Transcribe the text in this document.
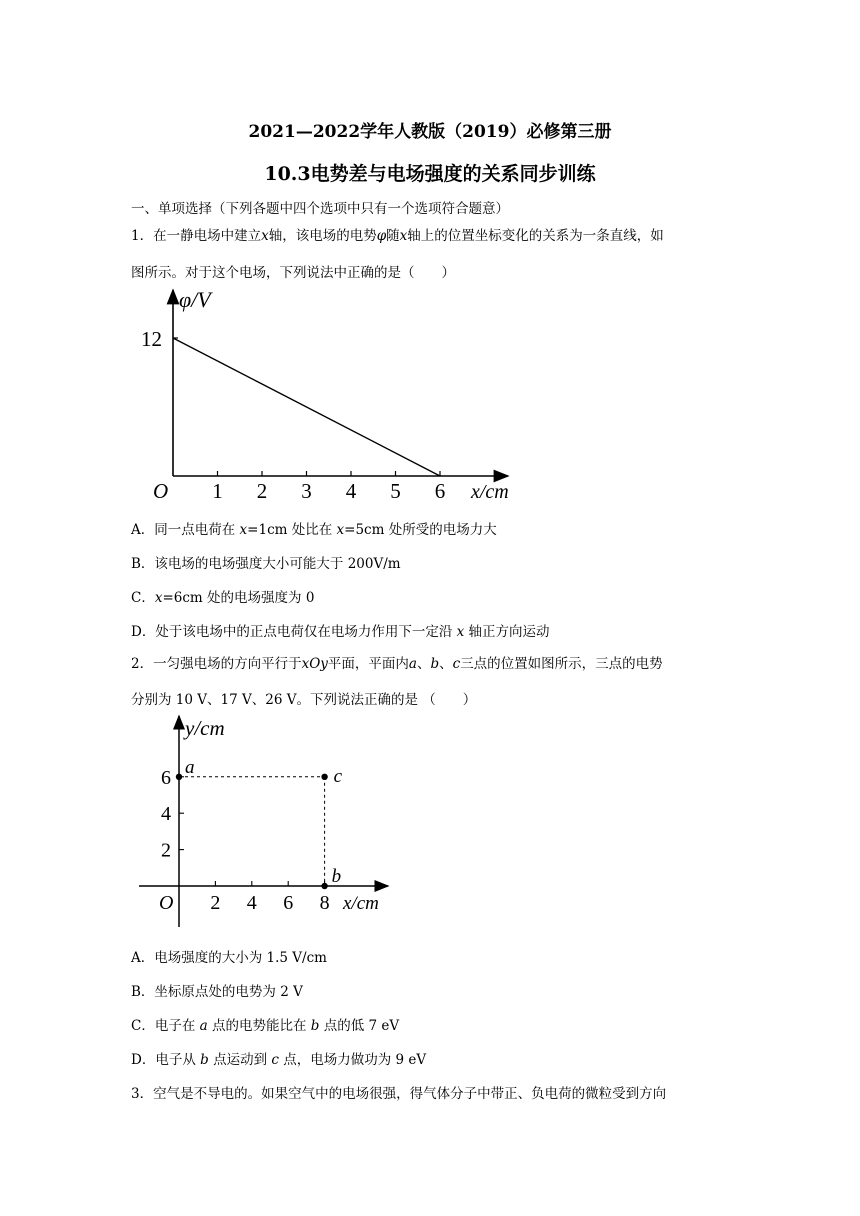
2021—2022学年人教版（2019）必修第三册
10.3电势差与电场强度的关系同步训练
一、单项选择（下列各题中四个选项中只有一个选项符合题意）
1．在一静电场中建立x轴，该电场的电势φ随x轴上的位置坐标变化的关系为一条直线，如
图所示。对于这个电场，下列说法中正确的是（　　）
1 2 3 4 5 6
φ/V
12
O	x/cm
A．同一点电荷在 x=1cm 处比在 x=5cm 处所受的电场力大
B．该电场的电场强度大小可能大于 200V/m
C．x=6cm 处的电场强度为 0
D．处于该电场中的正点电荷仅在电场力作用下一定沿 x 轴正方向运动
2．一匀强电场的方向平行于xOy平面，平面内a、b、c三点的位置如图所示，三点的电势
分别为 10 V、17 V、26 V。下列说法正确的是 （　　）
2 4 6 8
2
4
6
y/cm
a
b
c
O	x/cm
A．电场强度的大小为 1.5 V/cm
B．坐标原点处的电势为 2 V
C．电子在 a 点的电势能比在 b 点的低 7 eV
D．电子从 b 点运动到 c 点，电场力做功为 9 eV
3．空气是不导电的。如果空气中的电场很强，得气体分子中带正、负电荷的微粒受到方向
